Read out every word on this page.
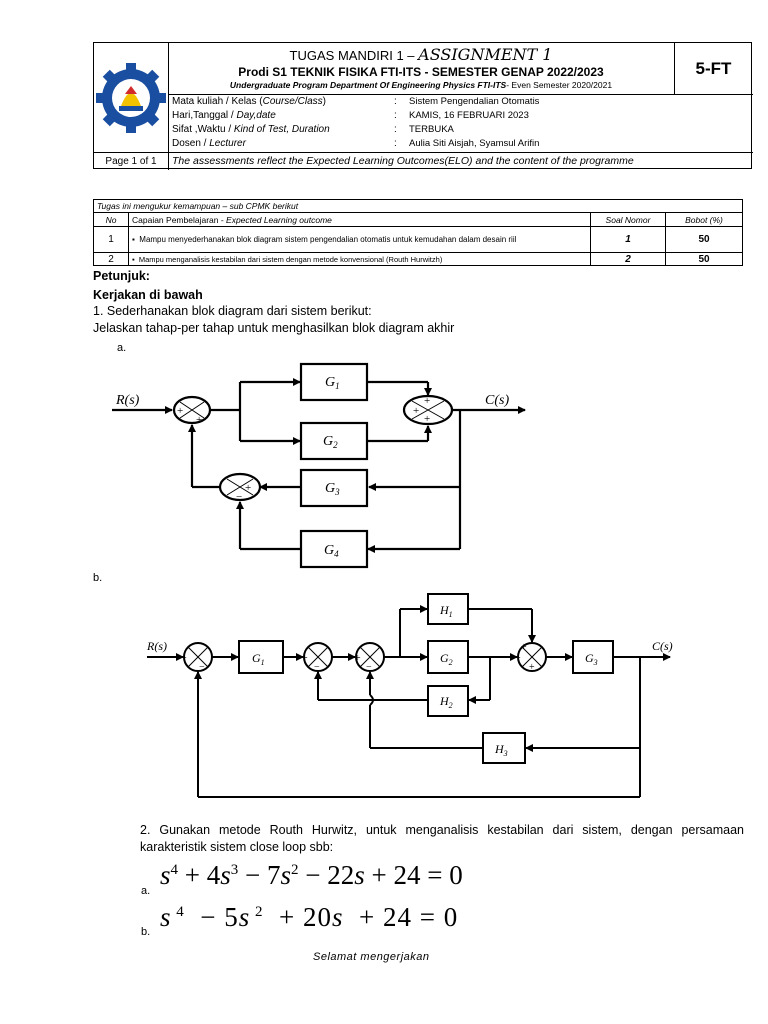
TUGAS MANDIRI 1 – ASSIGNMENT 1
Prodi S1 TEKNIK FISIKA FTI-ITS - SEMESTER GENAP 2022/2023
Undergraduate Program Department Of Engineering Physics FTI-ITS- Even Semester 2020/2021
5-FT
Mata kuliah / Kelas (Course/Class)	: Sistem Pengendalian Otomatis
Hari,Tanggal / Day,date	: KAMIS, 16 FEBRUARI 2023
Sifat ,Waktu / Kind of Test, Duration	: TERBUKA
Dosen / Lecturer	: Aulia Siti Aisjah, Syamsul Arifin
Page 1 of 1	The assessments reflect the Expected Learning Outcomes(ELO) and the content of the programme
Tugas ini mengukur kemampuan – sub CPMK berikut			
No	Capaian Pembelajaran - Expected Learning outcome	Soal Nomor	Bobot (%)
1	▪  Mampu menyederhanakan blok diagram sistem pengendalian otomatis untuk kemudahan dalam desain riil	1	50
2	▪  Mampu menganalisis kestabilan dari sistem dengan metode konvensional (Routh Hurwitzh)	2	50
Petunjuk:
Kerjakan di bawah
1. Sederhanakan blok diagram dari sistem berikut:
Jelaskan tahap-per tahap untuk menghasilkan blok diagram akhir
a.
+
+
+
+
+
+
−
R(s)	C(s)
$G_1$
$G_2$
$G_3$
$G_4$
b.
+
−
+
−
+
−
+
+
+
R(s)	C(s)
$G_1$	$G_2$	$G_3$
$H_1$
$H_2$
$H_3$
2. Gunakan metode Routh Hurwitz, untuk menganalisis kestabilan dari sistem, dengan persamaan karakteristik sistem close loop sbb:
a.
$s^4 + 4s^3 - 7s^2 - 22s + 24 = 0$
b. s $^4$  − 5s $^2$  + 20s  + 24 = 0
Selamat mengerjakan
